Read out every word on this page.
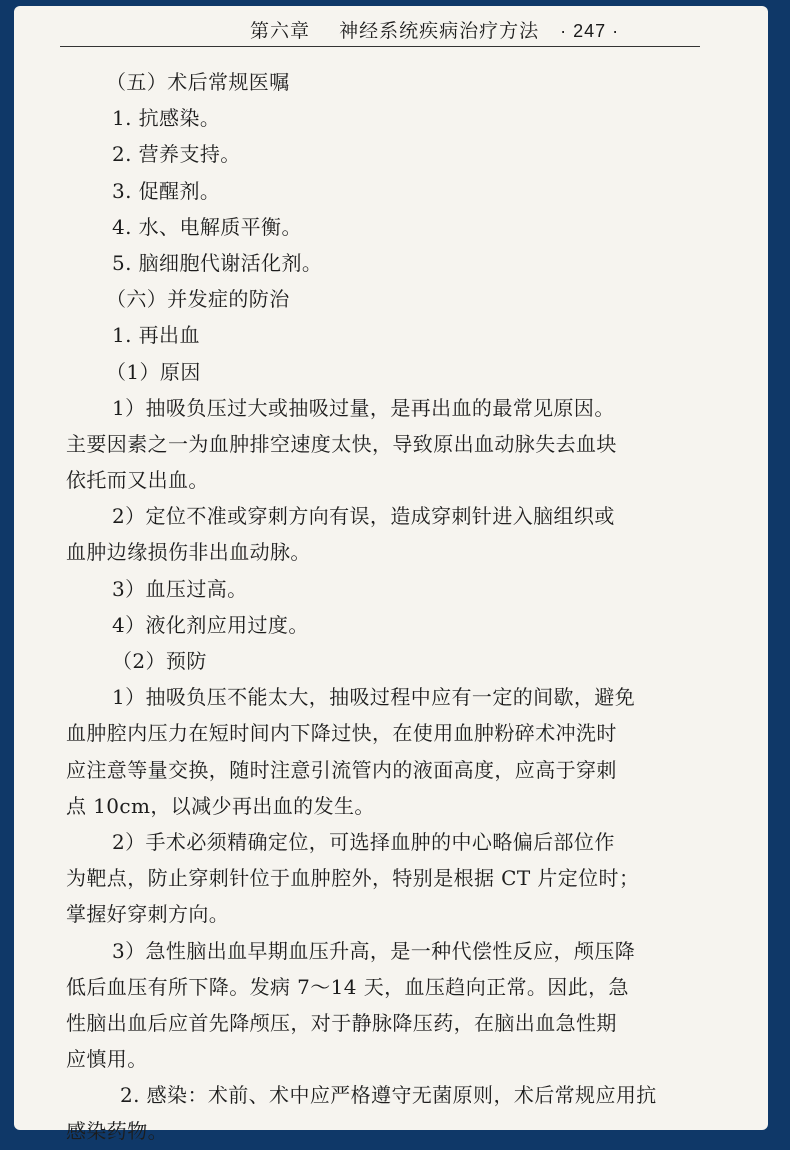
第六章 神经系统疾病治疗方法 · 247 ·
（五）术后常规医嘱
1. 抗感染。
2. 营养支持。
3. 促醒剂。
4. 水、电解质平衡。
5. 脑细胞代谢活化剂。
（六）并发症的防治
1. 再出血
（1）原因
1）抽吸负压过大或抽吸过量，是再出血的最常见原因。
主要因素之一为血肿排空速度太快，导致原出血动脉失去血块
依托而又出血。
2）定位不准或穿刺方向有误，造成穿刺针进入脑组织或
血肿边缘损伤非出血动脉。
3）血压过高。
4）液化剂应用过度。
（2）预防
1）抽吸负压不能太大，抽吸过程中应有一定的间歇，避免
血肿腔内压力在短时间内下降过快，在使用血肿粉碎术冲洗时
应注意等量交换，随时注意引流管内的液面高度，应高于穿刺
点 10cm，以减少再出血的发生。
2）手术必须精确定位，可选择血肿的中心略偏后部位作
为靶点，防止穿刺针位于血肿腔外，特别是根据 CT 片定位时；
掌握好穿刺方向。
3）急性脑出血早期血压升高，是一种代偿性反应，颅压降
低后血压有所下降。发病 7～14 天，血压趋向正常。因此，急
性脑出血后应首先降颅压，对于静脉降压药，在脑出血急性期
应慎用。
2. 感染：术前、术中应严格遵守无菌原则，术后常规应用抗
感染药物。
